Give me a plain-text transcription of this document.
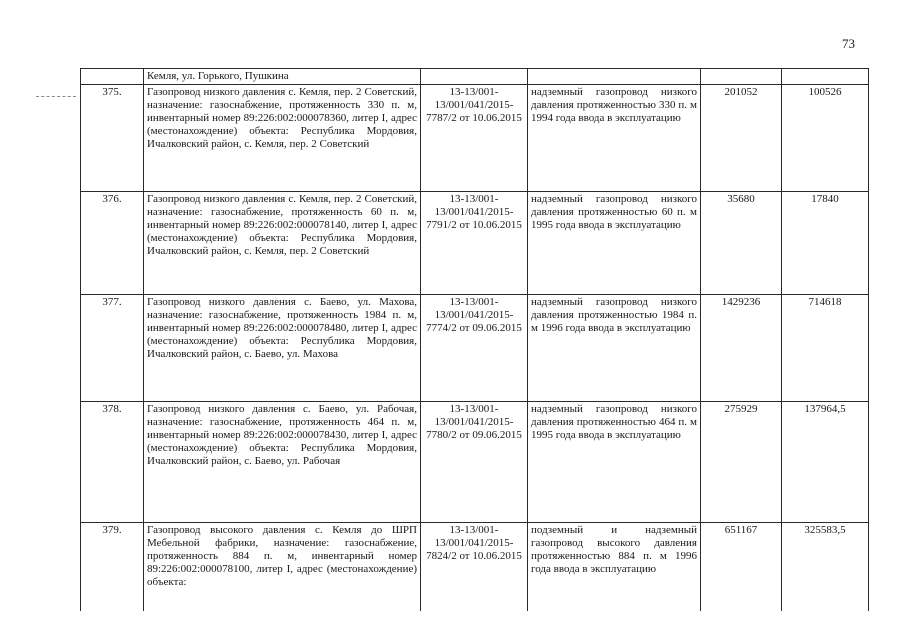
73
	Кемля, ул. Горького, Пушкина				
375.	Газопровод низкого давления с. Кемля, пер. 2 Советский, назначение: газоснабжение, протяженность 330 п. м, инвентарный номер 89:226:002:000078360, литер I, адрес (местонахождение) объекта: Республика Мордовия, Ичалковский район, с. Кемля, пер. 2 Советский	13-13/001-13/001/041/2015-7787/2 от 10.06.2015	надземный газопровод низкого давления протяженностью 330 п. м 1994 года ввода в эксплуатацию	201052	100526
376.	Газопровод низкого давления с. Кемля, пер. 2 Советский, назначение: газоснабжение, протяженность 60 п. м, инвентарный номер 89:226:002:000078140, литер I, адрес (местонахождение) объекта: Республика Мордовия, Ичалковский район, с. Кемля, пер. 2 Советский	13-13/001-13/001/041/2015-7791/2 от 10.06.2015	надземный газопровод низкого давления протяженностью 60 п. м 1995 года ввода в эксплуатацию	35680	17840
377.	Газопровод низкого давления с. Баево, ул. Махова, назначение: газоснабжение, протяженность 1984 п. м, инвентарный номер 89:226:002:000078480, литер I, адрес (местонахождение) объекта: Республика Мордовия, Ичалковский район, с. Баево, ул. Махова	13-13/001-13/001/041/2015-7774/2 от 09.06.2015	надземный газопровод низкого давления протяженностью 1984 п. м 1996 года ввода в эксплуатацию	1429236	714618
378.	Газопровод низкого давления с. Баево, ул. Рабочая, назначение: газоснабжение, протяженность 464 п. м, инвентарный номер 89:226:002:000078430, литер I, адрес (местонахождение) объекта: Республика Мордовия, Ичалковский район, с. Баево, ул. Рабочая	13-13/001-13/001/041/2015-7780/2 от 09.06.2015	надземный газопровод низкого давления протяженностью 464 п. м 1995 года ввода в эксплуатацию	275929	137964,5
379.	Газопровод высокого давления с. Кемля до ШРП Мебельной фабрики, назначение: газоснабжение, протяженность 884 п. м, инвентарный номер 89:226:002:000078100, литер I, адрес (местонахождение) объекта:	13-13/001-13/001/041/2015-7824/2 от 10.06.2015	подземный и надземный газопровод высокого давления протяженностью 884 п. м 1996 года ввода в эксплуатацию	651167	325583,5
